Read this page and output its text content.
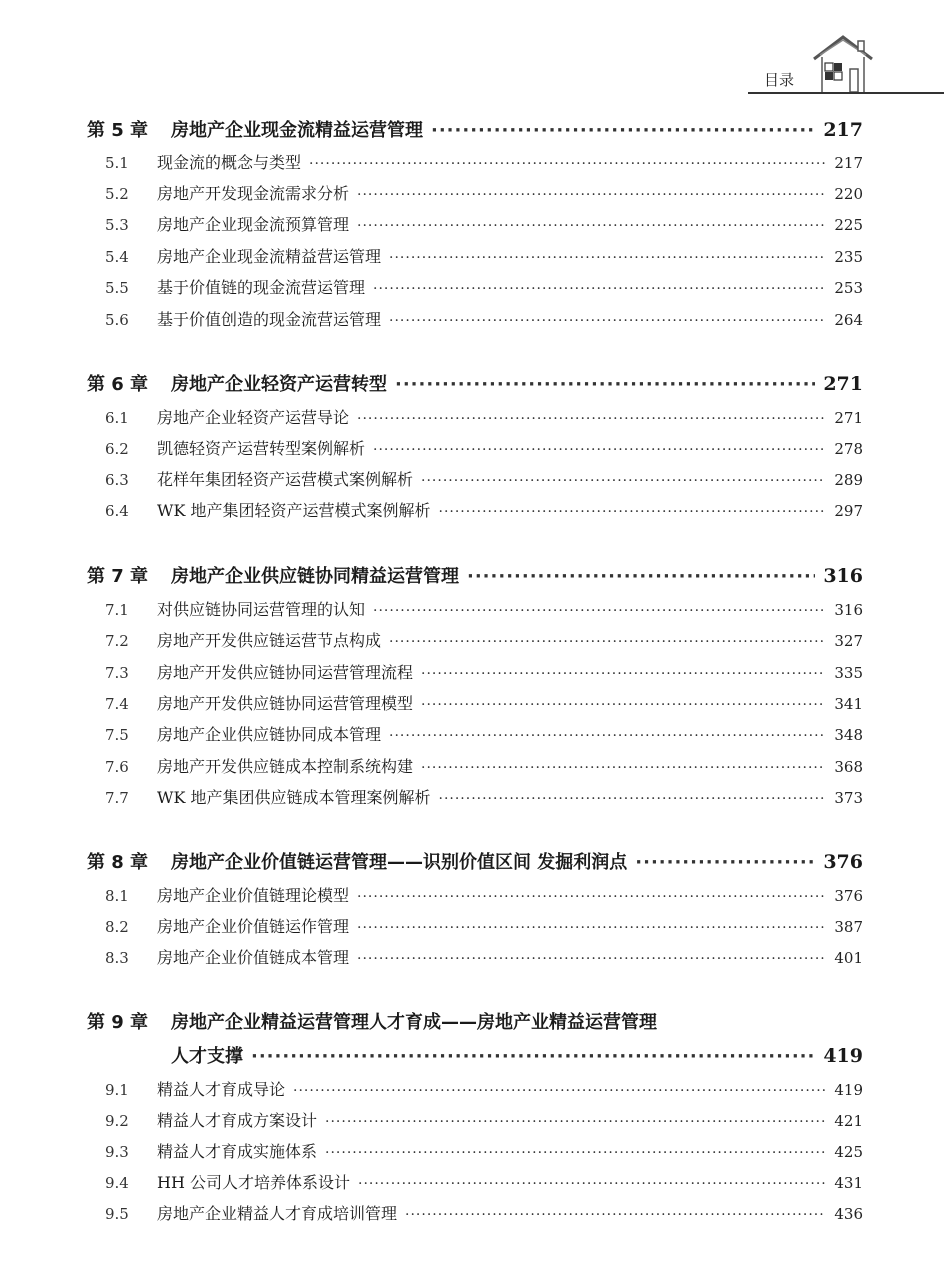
目录
第 5 章	房地产企业现金流精益运营管理 ·····	217
5.1	现金流的概念与类型 ·····	217
5.2	房地产开发现金流需求分析 ·····	220
5.3	房地产企业现金流预算管理 ·····	225
5.4	房地产企业现金流精益营运管理 ·····	235
5.5	基于价值链的现金流营运管理 ·····	253
5.6	基于价值创造的现金流营运管理 ·····	264
第 6 章	房地产企业轻资产运营转型 ·····	271
6.1	房地产企业轻资产运营导论 ·····	271
6.2	凯德轻资产运营转型案例解析 ·····	278
6.3	花样年集团轻资产运营模式案例解析 ·····	289
6.4	WK 地产集团轻资产运营模式案例解析 ·····	297
第 7 章	房地产企业供应链协同精益运营管理 ·····	316
7.1	对供应链协同运营管理的认知 ·····	316
7.2	房地产开发供应链运营节点构成 ·····	327
7.3	房地产开发供应链协同运营管理流程 ·····	335
7.4	房地产开发供应链协同运营管理模型 ·····	341
7.5	房地产企业供应链协同成本管理 ·····	348
7.6	房地产开发供应链成本控制系统构建 ·····	368
7.7	WK 地产集团供应链成本管理案例解析 ·····	373
第 8 章	房地产企业价值链运营管理——识别价值区间 发掘利润点 ·····	376
8.1	房地产企业价值链理论模型 ·····	376
8.2	房地产企业价值链运作管理 ·····	387
8.3	房地产企业价值链成本管理 ·····	401
第 9 章 房地产企业精益运营管理人才育成——房地产业精益运营管理
人才支撑 ·····	419
9.1	精益人才育成导论 ·····	419
9.2	精益人才育成方案设计 ·····	421
9.3	精益人才育成实施体系 ·····	425
9.4	HH 公司人才培养体系设计 ·····	431
9.5	房地产企业精益人才育成培训管理 ·····	436
